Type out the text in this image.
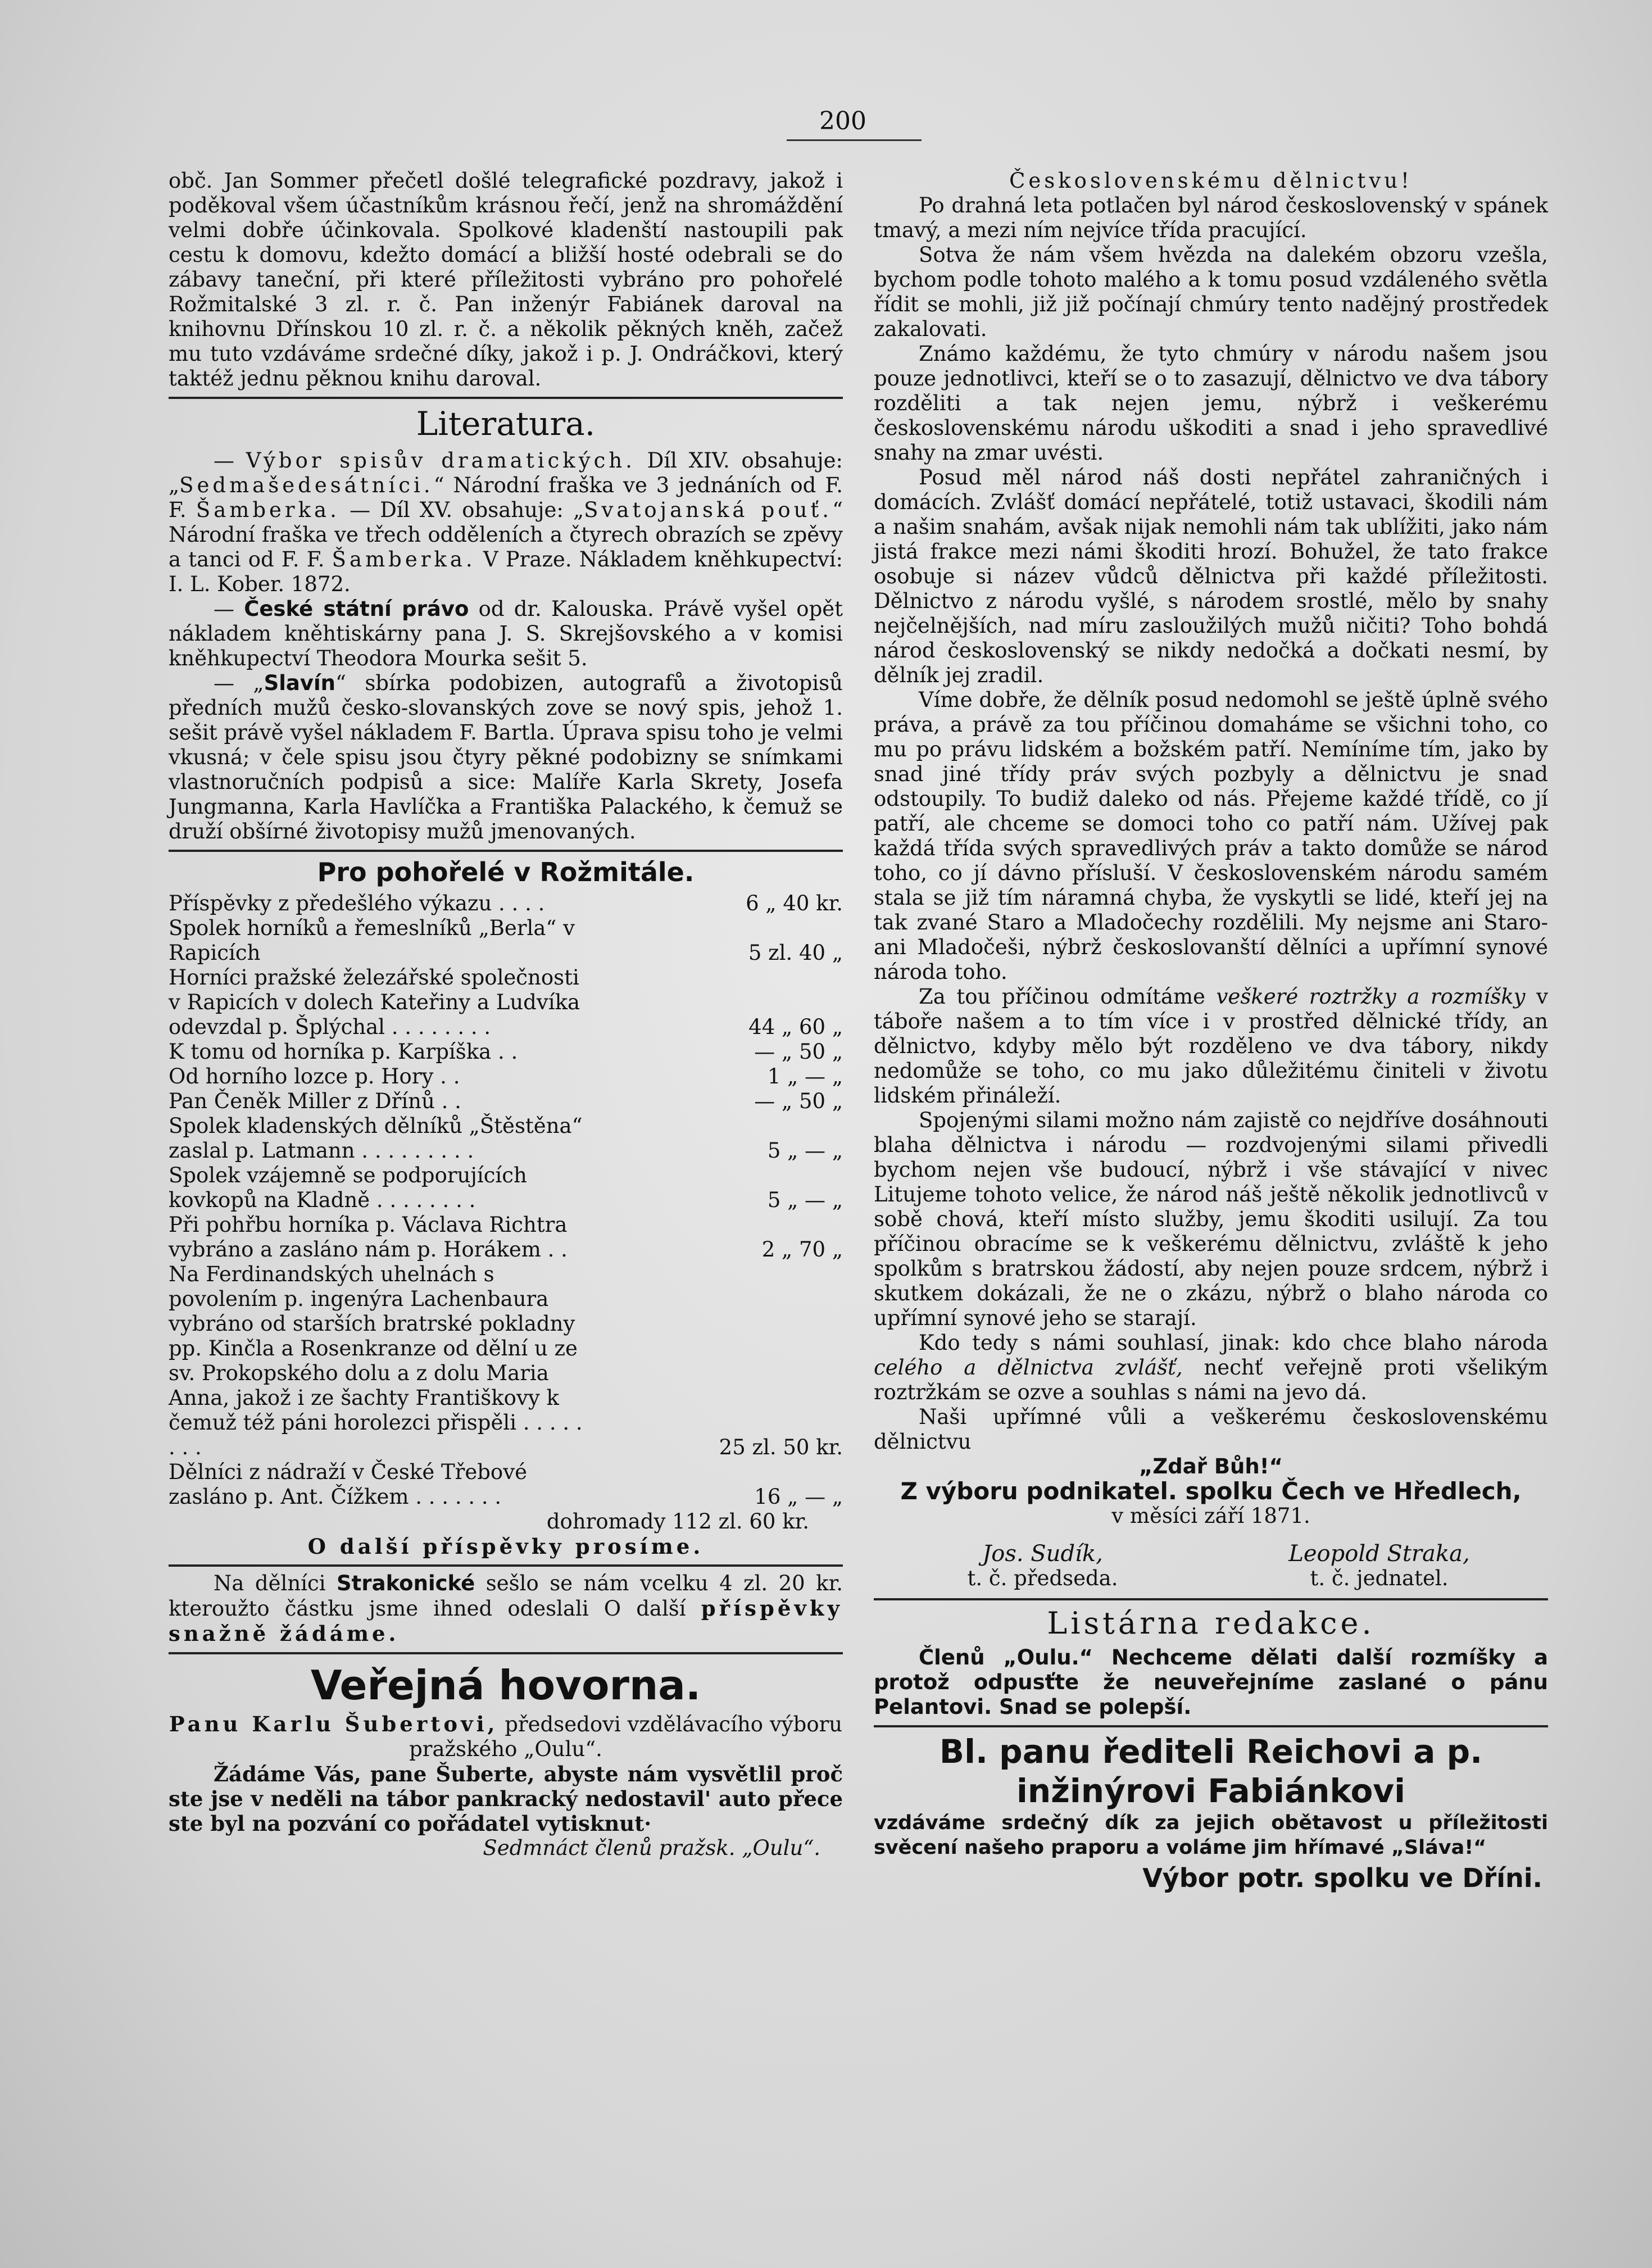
200

obč. Jan Sommer přečetl došlé telegrafické pozdravy, jakož i poděkoval všem účastníkům krásnou řečí, jenž na shromáždění velmi dobře účinkovala. Spolkové kladenští nastoupili pak cestu k domovu, kdežto domácí a bližší hosté odebrali se do zábavy taneční, při které příležitosti vybráno pro pohořelé Rožmitalské 3 zl. r. č. Pan inženýr Fabiánek daroval na knihovnu Dřínskou 10 zl. r. č. a několik pěkných kněh, začež mu tuto vzdáváme srdečné díky, jakož i p. J. Ondráčkovi, který taktéž jednu pěknou knihu daroval.

Literatura.

— Výbor spisův dramatických. Díl XIV. obsahuje: „Sedmašedesátníci.“ Národní fraška ve 3 jednáních od F. F. Šamberka. — Díl XV. obsahuje: „Svatojanská pouť.“ Národní fraška ve třech odděleních a čtyrech obrazích se zpěvy a tanci od F. F. Šamberka. V Praze. Nákladem kněhkupectví: I. L. Kober. 1872.

— České státní právo od dr. Kalouska. Právě vyšel opět nákladem kněhtiskárny pana J. S. Skrejšovského a v komisi kněhkupectví Theodora Mourka sešit 5.

— „Slavín“ sbírka podobizen, autografů a životopisů předních mužů česko-slovanských zove se nový spis, jehož 1. sešit právě vyšel nákladem F. Bartla. Úprava spisu toho je velmi vkusná; v čele spisu jsou čtyry pěkné podobizny se snímkami vlastnoručních podpisů a sice: Malíře Karla Skrety, Josefa Jungmanna, Karla Havlíčka a Františka Palackého, k čemuž se druží obšírné životopisy mužů jmenovaných.

Pro pohořelé v Rožmitále.
Příspěvky z předešlého výkazu . . . .	6 „ 40 kr.
Spolek horníků a řemeslníků „Berla“ v Rapicích	5 zl. 40 „
Horníci pražské železářské společnosti v Rapicích v dolech Kateřiny a Ludvíka odevzdal p. Šplýchal . . . . . . . .	44 „ 60 „
K tomu od horníka p. Karpíška . .	— „ 50 „
Od horního lozce p. Hory . .	1 „ — „
Pan Čeněk Miller z Dřínů . .	— „ 50 „
Spolek kladenských dělníků „Štěstěna“ zaslal p. Latmann . . . . . . . . .	5 „ — „
Spolek vzájemně se podporujících kovkopů na Kladně . . . . . . . .	5 „ — „
Při pohřbu horníka p. Václava Richtra vybráno a zasláno nám p. Horákem . .	2 „ 70 „
Na Ferdinandských uhelnách s povolením p. ingenýra Lachenbaura vybráno od starších bratrské pokladny pp. Kinčla a Rosenkranze od dělní u ze sv. Prokopského dolu a z dolu Maria Anna, jakož i ze šachty Františkovy k čemuž též páni horolezci přispěli . . . . . . . .	25 zl. 50 kr.
Dělníci z nádraží v České Třebové zasláno p. Ant. Čížkem . . . . . . .	16 „ — „
dohromady 112 zl. 60 kr.
O další příspěvky prosíme.

Na dělníci Strakonické sešlo se nám vcelku 4 zl. 20 kr. kteroužto částku jsme ihned odeslali O další příspěvky snažně žádáme.

Veřejná hovorna.

Panu Karlu Šubertovi, předsedovi vzdělávacího výboru pražského „Oulu“.

Žádáme Vás, pane Šuberte, abyste nám vysvětlil proč ste jse v neděli na tábor pankracký nedostavil' auto přece ste byl na pozvání co pořádatel vytisknut·

Sedmnáct členů pražsk. „Oulu“.

Československému dělnictvu!

Po drahná leta potlačen byl národ československý v spánek tmavý, a mezi ním nejvíce třída pracující.

Sotva že nám všem hvězda na dalekém obzoru vzešla, bychom podle tohoto malého a k tomu posud vzdáleného světla řídit se mohli, již již počínají chmúry tento nadějný prostředek zakalovati.

Známo každému, že tyto chmúry v národu našem jsou pouze jednotlivci, kteří se o to zasazují, dělnictvo ve dva tábory rozděliti a tak nejen jemu, nýbrž i veškerému československému národu uškoditi a snad i jeho spravedlivé snahy na zmar uvésti.

Posud měl národ náš dosti nepřátel zahraničných i domácích. Zvlášť domácí nepřátelé, totiž ustavaci, škodili nám a našim snahám, avšak nijak nemohli nám tak ublížiti, jako nám jistá frakce mezi námi škoditi hrozí. Bohužel, že tato frakce osobuje si název vůdců dělnictva při každé příležitosti. Dělnictvo z národu vyšlé, s národem srostlé, mělo by snahy nejčelnějších, nad míru zasloužilých mužů ničiti? Toho bohdá národ československý se nikdy nedočká a dočkati nesmí, by dělník jej zradil.

Víme dobře, že dělník posud nedomohl se ještě úplně svého práva, a právě za tou příčinou domaháme se všichni toho, co mu po právu lidském a božském patří. Nemíníme tím, jako by snad jiné třídy práv svých pozbyly a dělnictvu je snad odstoupily. To budiž daleko od nás. Přejeme každé třídě, co jí patří, ale chceme se domoci toho co patří nám. Užívej pak každá třída svých spravedlivých práv a takto domůže se národ toho, co jí dávno přísluší. V československém národu samém stala se již tím náramná chyba, že vyskytli se lidé, kteří jej na tak zvané Staro a Mladočechy rozdělili. My nejsme ani Staro- ani Mladočeši, nýbrž českoslovanští dělníci a upřímní synové národa toho.

Za tou příčinou odmítáme veškeré roztržky a rozmíšky v táboře našem a to tím více i v prostřed dělnické třídy, an dělnictvo, kdyby mělo být rozděleno ve dva tábory, nikdy nedomůže se toho, co mu jako důležitému činiteli v životu lidském přináleží.

Spojenými silami možno nám zajistě co nejdříve dosáhnouti blaha dělnictva i národu — rozdvojenými silami přivedli bychom nejen vše budoucí, nýbrž i vše stávající v nivec Litujeme tohoto velice, že národ náš ještě několik jednotlivců v sobě chová, kteří místo služby, jemu škoditi usilují. Za tou příčinou obracíme se k veškerému dělnictvu, zvláště k jeho spolkům s bratrskou žádostí, aby nejen pouze srdcem, nýbrž i skutkem dokázali, že ne o zkázu, nýbrž o blaho národa co upřímní synové jeho se starají.

Kdo tedy s námi souhlasí, jinak: kdo chce blaho národa celého a dělnictva zvlášť, nechť veřejně proti všelikým roztržkám se ozve a souhlas s námi na jevo dá.

Naši upřímné vůli a veškerému československému dělnictvu

„Zdař Bůh!“
Z výboru podnikatel. spolku Čech ve Hředlech,
v měsíci září 1871.
Jos. Sudík,
t. č. předseda.

Leopold Straka,
t. č. jednatel.
Listárna redakce.

Členů „Oulu.“ Nechceme dělati další rozmíšky a protož odpusťte že neuveřejníme zaslané o pánu Pelantovi. Snad se polepší.

Bl. panu řediteli Reichovi a p. inžinýrovi Fabiánkovi

vzdáváme srdečný dík za jejich obětavost u příležitosti svěcení našeho praporu a voláme jim hřímavé „Sláva!“

Výbor potr. spolku ve Dříni.
